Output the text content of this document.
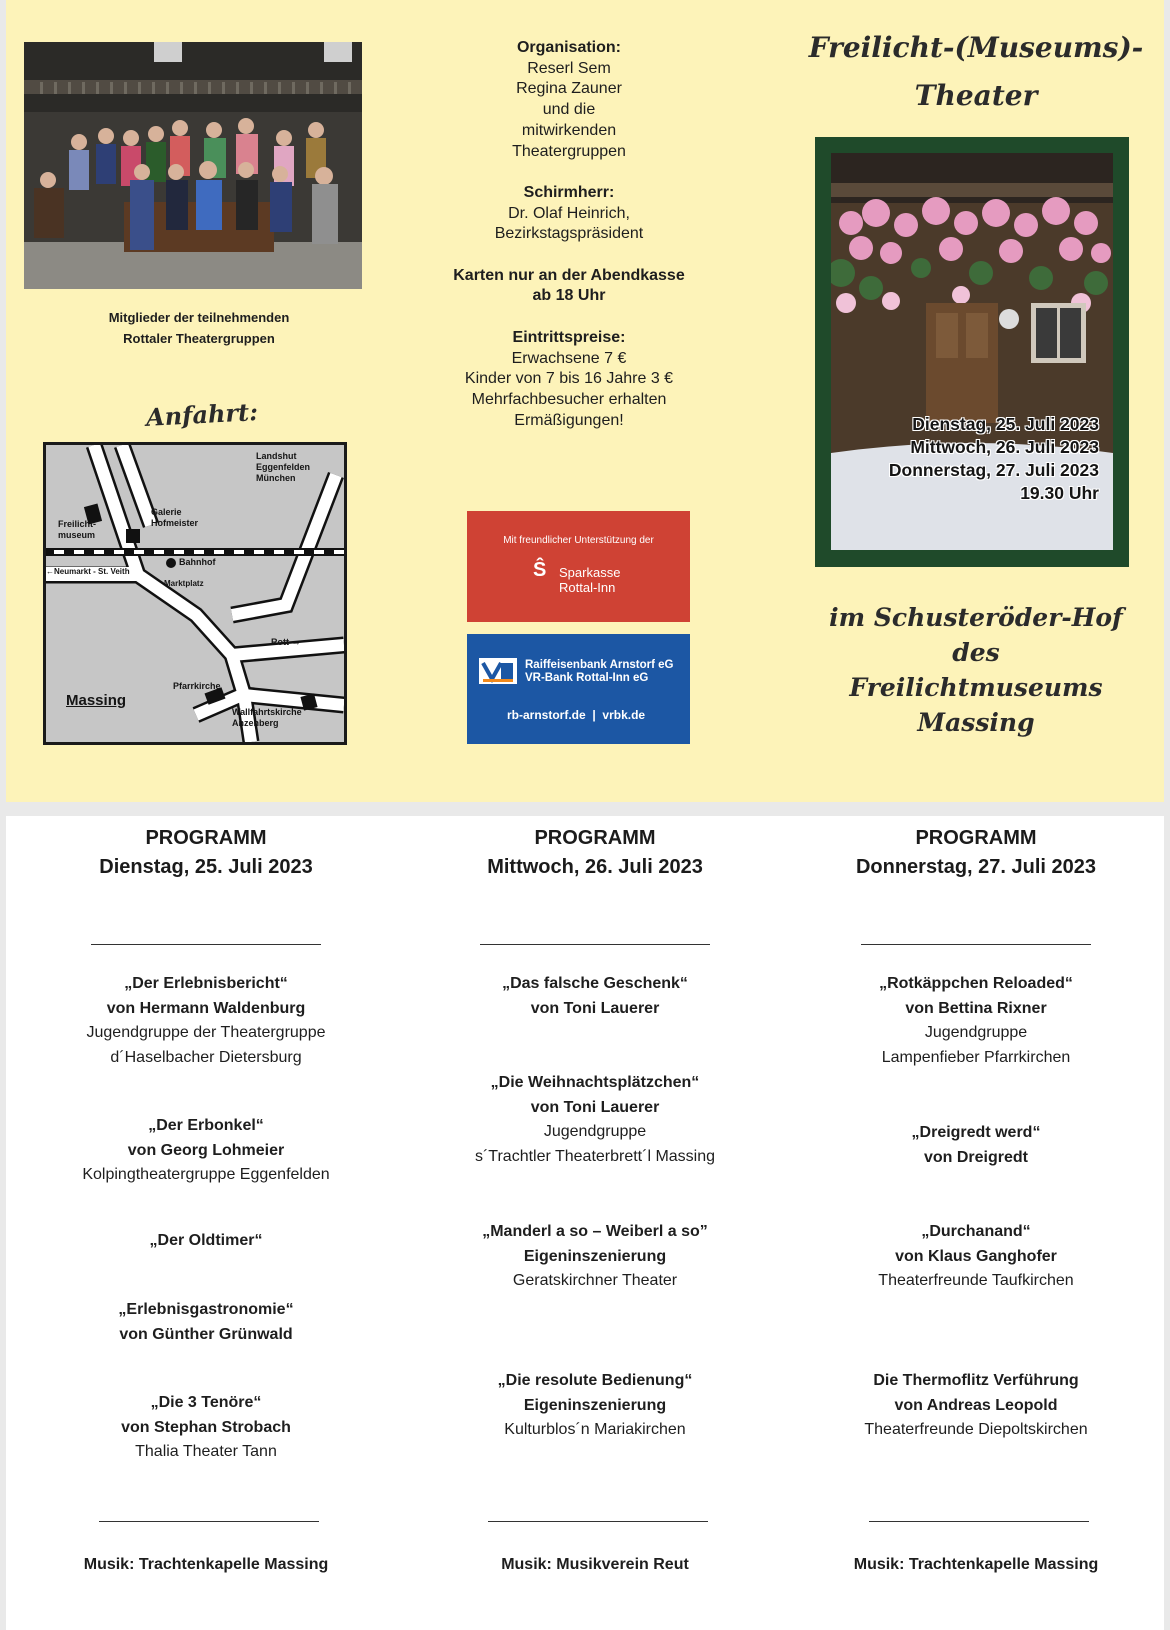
Mitglieder der teilnehmenden
Rottaler Theatergruppen
Anfahrt:
Landshut
Eggenfelden
München
Galerie
Hofmeister
Freilicht-
museum
Bahnhof
←Neumarkt - St. Veith
Marktplatz
Rott →
Massing
Pfarrkirche
Wallfahrtskirche
Anzenberg
Organisation:
Reserl Sem
Regina Zauner
und die
mitwirkenden
Theatergruppen
Schirmherr:
Dr. Olaf Heinrich,
Bezirkstagspräsident
Karten nur an der Abendkasse
ab 18 Uhr
Eintrittspreise:
Erwachsene 7 €
Kinder von 7 bis 16 Jahre 3 €
Mehrfachbesucher erhalten
Ermäßigungen!
Mit freundlicher Unterstützung der
Ŝ Sparkasse
Rottal-Inn
Raiffeisenbank Arnstorf eG
VR-Bank Rottal-Inn eG
rb-arnstorf.de  |  vrbk.de
Freilicht-(Museums)-
Theater
Dienstag, 25. Juli 2023
Mittwoch, 26. Juli 2023
Donnerstag, 27. Juli 2023
19.30 Uhr
im Schusteröder-Hof
des
Freilichtmuseums
Massing
PROGRAMM
Dienstag, 25. Juli 2023
„Der Erlebnisbericht“
von Hermann Waldenburg
Jugendgruppe der Theatergruppe
d´Haselbacher Dietersburg
„Der Erbonkel“
von Georg Lohmeier
Kolpingtheatergruppe Eggenfelden
„Der Oldtimer“
„Erlebnisgastronomie“
von Günther Grünwald
„Die 3 Tenöre“
von Stephan Strobach
Thalia Theater Tann
Musik: Trachtenkapelle Massing
PROGRAMM
Mittwoch, 26. Juli 2023
„Das falsche Geschenk“
von Toni Lauerer
„Die Weihnachtsplätzchen“
von Toni Lauerer
Jugendgruppe
s´Trachtler Theaterbrett´l Massing
„Manderl a so – Weiberl a so”
Eigeninszenierung
Geratskirchner Theater
„Die resolute Bedienung“
Eigeninszenierung
Kulturblos´n Mariakirchen
Musik: Musikverein Reut
PROGRAMM
Donnerstag, 27. Juli 2023
„Rotkäppchen Reloaded“
von Bettina Rixner
Jugendgruppe
Lampenfieber Pfarrkirchen
„Dreigredt werd“
von Dreigredt
„Durchanand“
von Klaus Ganghofer
Theaterfreunde Taufkirchen
Die Thermoflitz Verführung
von Andreas Leopold
Theaterfreunde Diepoltskirchen
Musik: Trachtenkapelle Massing
